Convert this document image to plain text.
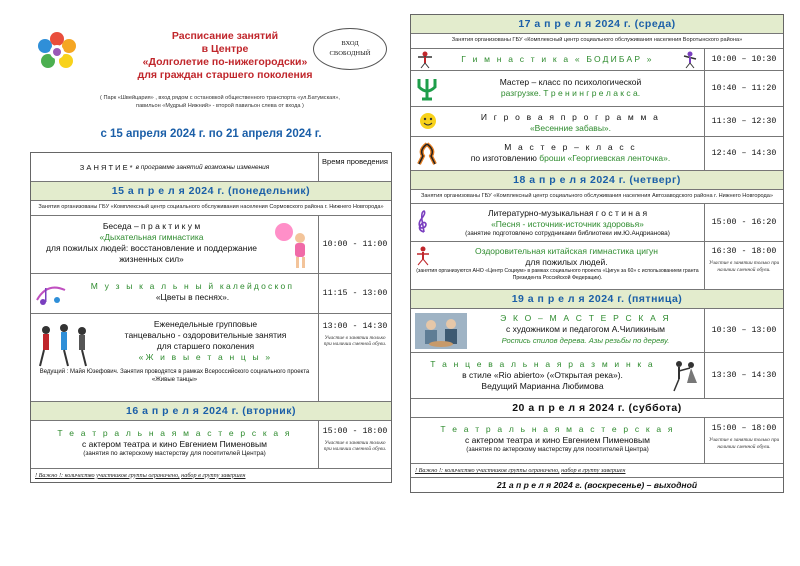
Расписание занятий
в Центре
«Долголетие по-нижегородски»
для граждан старшего поколения
ВХОД
СВОБОДНЫЙ
( Парк «Швейцария» , вход рядом с остановкой общественного транспорта «ул.Батумская»,
павильон «Мудрый Нижний» - второй павильон слева от входа )
с 15 апреля 2024 г. по 21 апреля 2024 г.
З А Н Я Т И Е * в программе занятий возможны изменения
Время проведения
15 а п р е л я 2024 г. (понедельник)
Занятия организованы ГБУ «Комплексный центр социального обслуживания населения Сормовского района г. Нижнего Новгорода»
Беседа – п р а к т и к у м
«Дыхательная гимнастика
для пожилых людей: восстановление и поддержание жизненных сил»
10:00 - 11:00
М у з ы к а л ь н ы й калейдоскоп
«Цветы в песнях».	11:15 - 13:00
Еженедельные групповые
танцевально - оздоровительные занятия
для старшего поколения
«Ж и в ы е т а н ц ы »
Ведущий : Майя Юзефович. Занятия проводятся в рамках Всероссийского социального проекта «Живые танцы»
13:00 - 14:30
Участие в занятии только при наличии сменной обуви.
16 а п р е л я 2024 г. (вторник)
Т е а т р а л ь н а я м а с т е р с к а я
с актером театра и кино Евгением Пименовым
(занятия по актерскому мастерству для посетителей Центра)
15:00 - 18:00
Участие в занятии только при наличии сменной обуви.
! Важно !: количество участников группы ограничено, набор в группу завершен
17 а п р е л я 2024 г. (среда)
Занятия организованы ГБУ «Комплексный центр социального обслуживания населения Воротынского района»
Г и м н а с т и к а « БОДИБАР »	10:00 – 10:30
Мастер – класс по психологической
разгрузке. Т р е н и н г р е л а к с а.	10:40 – 11:20
И г р о в а я п р о г р а м м а
«Весенние забавы».
11:30 – 12:30
М а с т е р – к л а с с
по изготовлению броши «Георгиевская ленточка».	12:40 – 14:30
18 а п р е л я 2024 г. (четверг)
Занятия организованы ГБУ «Комплексный центр социального обслуживания населения Автозаводского района г. Нижнего Новгорода»
Литературно-музыкальная г о с т и н а я
«Песня - источник-источник здоровья»
(занятие подготовлено сотрудниками библиотеки им.Ю.Андрианова)
15:00 - 16:20
Оздоровительная китайская гимнастика цигун
для пожилых людей.
(занятия организуются АНО «Центр Социум» в рамках социального проекта «Цигун за 60» с использованием гранта Президента Российской Федерации).
16:30 - 18:00
Участие в занятии только при наличии сменной обуви.
19 а п р е л я 2024 г. (пятница)
Э К О – М А С Т Е Р С К А Я
с художником и педагогом А.Чиликиным
Роспись спилов дерева. Азы резьбы по дереву.
10:30 – 13:00
Т а н ц е в а л ь н а я р а з м и н к а
в стиле «Rio abierto» («Открытая река»).
Ведущий Марианна Любимова
13:30 – 14:30
20 а п р е л я 2024 г. (суббота)
Т е а т р а л ь н а я м а с т е р с к а я
с актером театра и кино Евгением Пименовым
(занятия по актерскому мастерству для посетителей Центра)
15:00 – 18:00
Участие в занятии только при наличии сменной обуви.
! Важно !: количество участников группы ограничено, набор в группу завершен
21 а п р е л я 2024 г. (воскресенье) – выходной
